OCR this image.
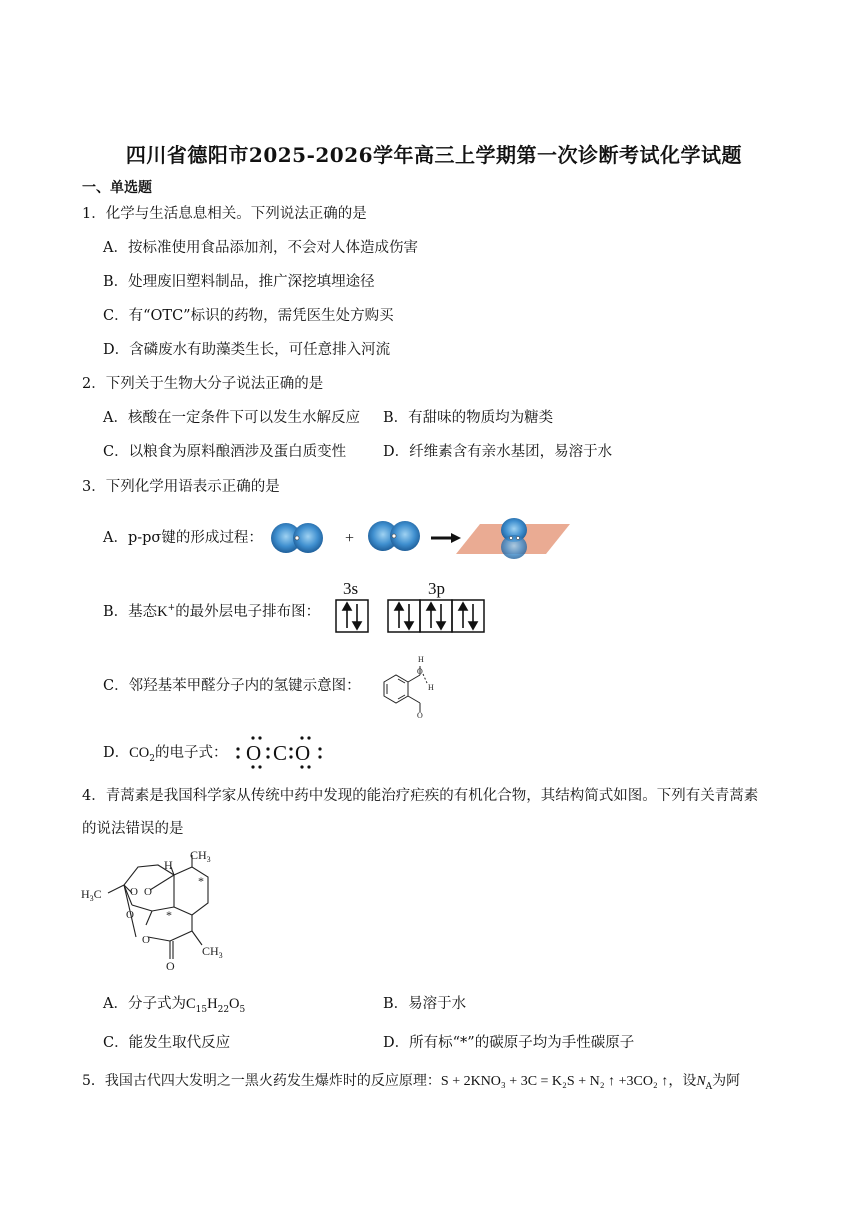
四川省德阳市2025-2026学年高三上学期第一次诊断考试化学试题
一、单选题
1．化学与生活息息相关。下列说法正确的是
A．按标准使用食品添加剂，不会对人体造成伤害
B．处理废旧塑料制品，推广深挖填埋途径
C．有“OTC”标识的药物，需凭医生处方购买
D．含磷废水有助藻类生长，可任意排入河流
2．下列关于生物大分子说法正确的是
A．核酸在一定条件下可以发生水解反应 B．有甜味的物质均为糖类
C．以粮食为原料酿酒涉及蛋白质变性	D．纤维素含有亲水基团，易溶于水
3．下列化学用语表示正确的是
A．p-pσ键的形成过程：	+
B．基态K+的最外层电子排布图：
3s	3p
C．邻羟基苯甲醛分子内的氢键示意图：
H
O
H
O
D．$CO_2$的电子式： O C O
4．青蒿素是我国科学家从传统中药中发现的能治疗疟疾的有机化合物，其结构简式如图。下列有关青蒿素
的说法错误的是
H
$CH_3$
$H_3C$	O O
O
O
O
$CH_3$
*
*
A．分子式为$C_{15}H_{22}O_5$	B．易溶于水
C．能发生取代反应	D．所有标“*”的碳原子均为手性碳原子
5．我国古代四大发明之一黑火药发生爆炸时的反应原理：S + 2KNO₃ + 3C = K₂S + N₂ ↑ +3CO₂ ↑，设$N_A$为阿
